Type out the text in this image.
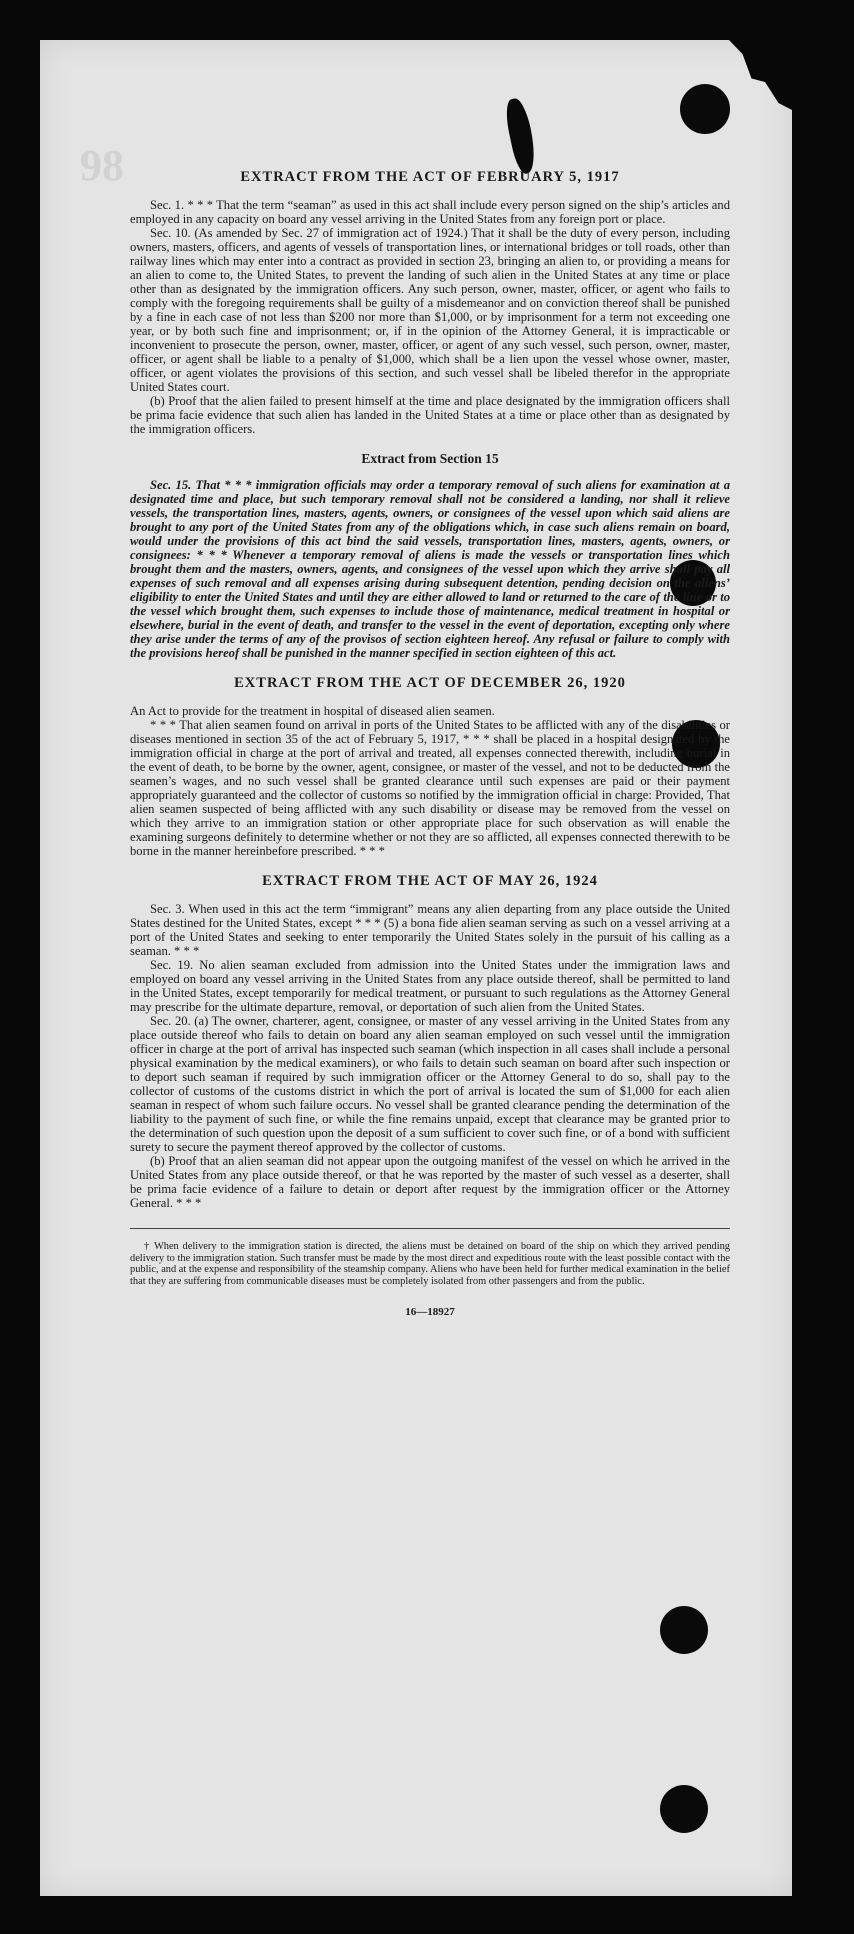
98	EXTRACT FROM THE ACT OF FEBRUARY 5, 1917

Sec. 1. * * * That the term “seaman” as used in this act shall include every person signed on the ship’s articles and employed in any capacity on board any vessel arriving in the United States from any foreign port or place.

Sec. 10. (As amended by Sec. 27 of immigration act of 1924.) That it shall be the duty of every person, including owners, masters, officers, and agents of vessels of transportation lines, or international bridges or toll roads, other than railway lines which may enter into a contract as provided in section 23, bringing an alien to, or providing a means for an alien to come to, the United States, to prevent the landing of such alien in the United States at any time or place other than as designated by the immigration officers. Any such person, owner, master, officer, or agent who fails to comply with the foregoing requirements shall be guilty of a misdemeanor and on conviction thereof shall be punished by a fine in each case of not less than $200 nor more than $1,000, or by imprisonment for a term not exceeding one year, or by both such fine and imprisonment; or, if in the opinion of the Attorney General, it is impracticable or inconvenient to prosecute the person, owner, master, officer, or agent of any such vessel, such person, owner, master, officer, or agent shall be liable to a penalty of $1,000, which shall be a lien upon the vessel whose owner, master, officer, or agent violates the provisions of this section, and such vessel shall be libeled therefor in the appropriate United States court.

(b) Proof that the alien failed to present himself at the time and place designated by the immigration officers shall be prima facie evidence that such alien has landed in the United States at a time or place other than as designated by the immigration officers.

Extract from Section 15

Sec. 15. That * * * immigration officials may order a temporary removal of such aliens for examination at a designated time and place, but such temporary removal shall not be considered a landing, nor shall it relieve vessels, the transportation lines, masters, agents, owners, or consignees of the vessel upon which said aliens are brought to any port of the United States from any of the obligations which, in case such aliens remain on board, would under the provisions of this act bind the said vessels, transportation lines, masters, agents, owners, or consignees: * * * Whenever a temporary removal of aliens is made the vessels or transportation lines which brought them and the masters, owners, agents, and consignees of the vessel upon which they arrive shall pay all expenses of such removal and all expenses arising during subsequent detention, pending decision on the aliens’ eligibility to enter the United States and until they are either allowed to land or returned to the care of the line or to the vessel which brought them, such expenses to include those of maintenance, medical treatment in hospital or elsewhere, burial in the event of death, and transfer to the vessel in the event of deportation, excepting only where they arise under the terms of any of the provisos of section eighteen hereof. Any refusal or failure to comply with the provisions hereof shall be punished in the manner specified in section eighteen of this act.

EXTRACT FROM THE ACT OF DECEMBER 26, 1920

An Act to provide for the treatment in hospital of diseased alien seamen.

* * * That alien seamen found on arrival in ports of the United States to be afflicted with any of the disabilities or diseases mentioned in section 35 of the act of February 5, 1917, * * * shall be placed in a hospital designated by the immigration official in charge at the port of arrival and treated, all expenses connected therewith, including burial in the event of death, to be borne by the owner, agent, consignee, or master of the vessel, and not to be deducted from the seamen’s wages, and no such vessel shall be granted clearance until such expenses are paid or their payment appropriately guaranteed and the collector of customs so notified by the immigration official in charge: Provided, That alien seamen suspected of being afflicted with any such disability or disease may be removed from the vessel on which they arrive to an immigration station or other appropriate place for such observation as will enable the examining surgeons definitely to determine whether or not they are so afflicted, all expenses connected therewith to be borne in the manner hereinbefore prescribed. * * *

EXTRACT FROM THE ACT OF MAY 26, 1924

Sec. 3. When used in this act the term “immigrant” means any alien departing from any place outside the United States destined for the United States, except * * * (5) a bona fide alien seaman serving as such on a vessel arriving at a port of the United States and seeking to enter temporarily the United States solely in the pursuit of his calling as a seaman. * * *

Sec. 19. No alien seaman excluded from admission into the United States under the immigration laws and employed on board any vessel arriving in the United States from any place outside thereof, shall be permitted to land in the United States, except temporarily for medical treatment, or pursuant to such regulations as the Attorney General may prescribe for the ultimate departure, removal, or deportation of such alien from the United States.

Sec. 20. (a) The owner, charterer, agent, consignee, or master of any vessel arriving in the United States from any place outside thereof who fails to detain on board any alien seaman employed on such vessel until the immigration officer in charge at the port of arrival has inspected such seaman (which inspection in all cases shall include a personal physical examination by the medical examiners), or who fails to detain such seaman on board after such inspection or to deport such seaman if required by such immigration officer or the Attorney General to do so, shall pay to the collector of customs of the customs district in which the port of arrival is located the sum of $1,000 for each alien seaman in respect of whom such failure occurs. No vessel shall be granted clearance pending the determination of the liability to the payment of such fine, or while the fine remains unpaid, except that clearance may be granted prior to the determination of such question upon the deposit of a sum sufficient to cover such fine, or of a bond with sufficient surety to secure the payment thereof approved by the collector of customs.

(b) Proof that an alien seaman did not appear upon the outgoing manifest of the vessel on which he arrived in the United States from any place outside thereof, or that he was reported by the master of such vessel as a deserter, shall be prima facie evidence of a failure to detain or deport after request by the immigration officer or the Attorney General. * * *

† When delivery to the immigration station is directed, the aliens must be detained on board of the ship on which they arrived pending delivery to the immigration station. Such transfer must be made by the most direct and expeditious route with the least possible contact with the public, and at the expense and responsibility of the steamship company. Aliens who have been held for further medical examination in the belief that they are suffering from communicable diseases must be completely isolated from other passengers and from the public.

16—18927
